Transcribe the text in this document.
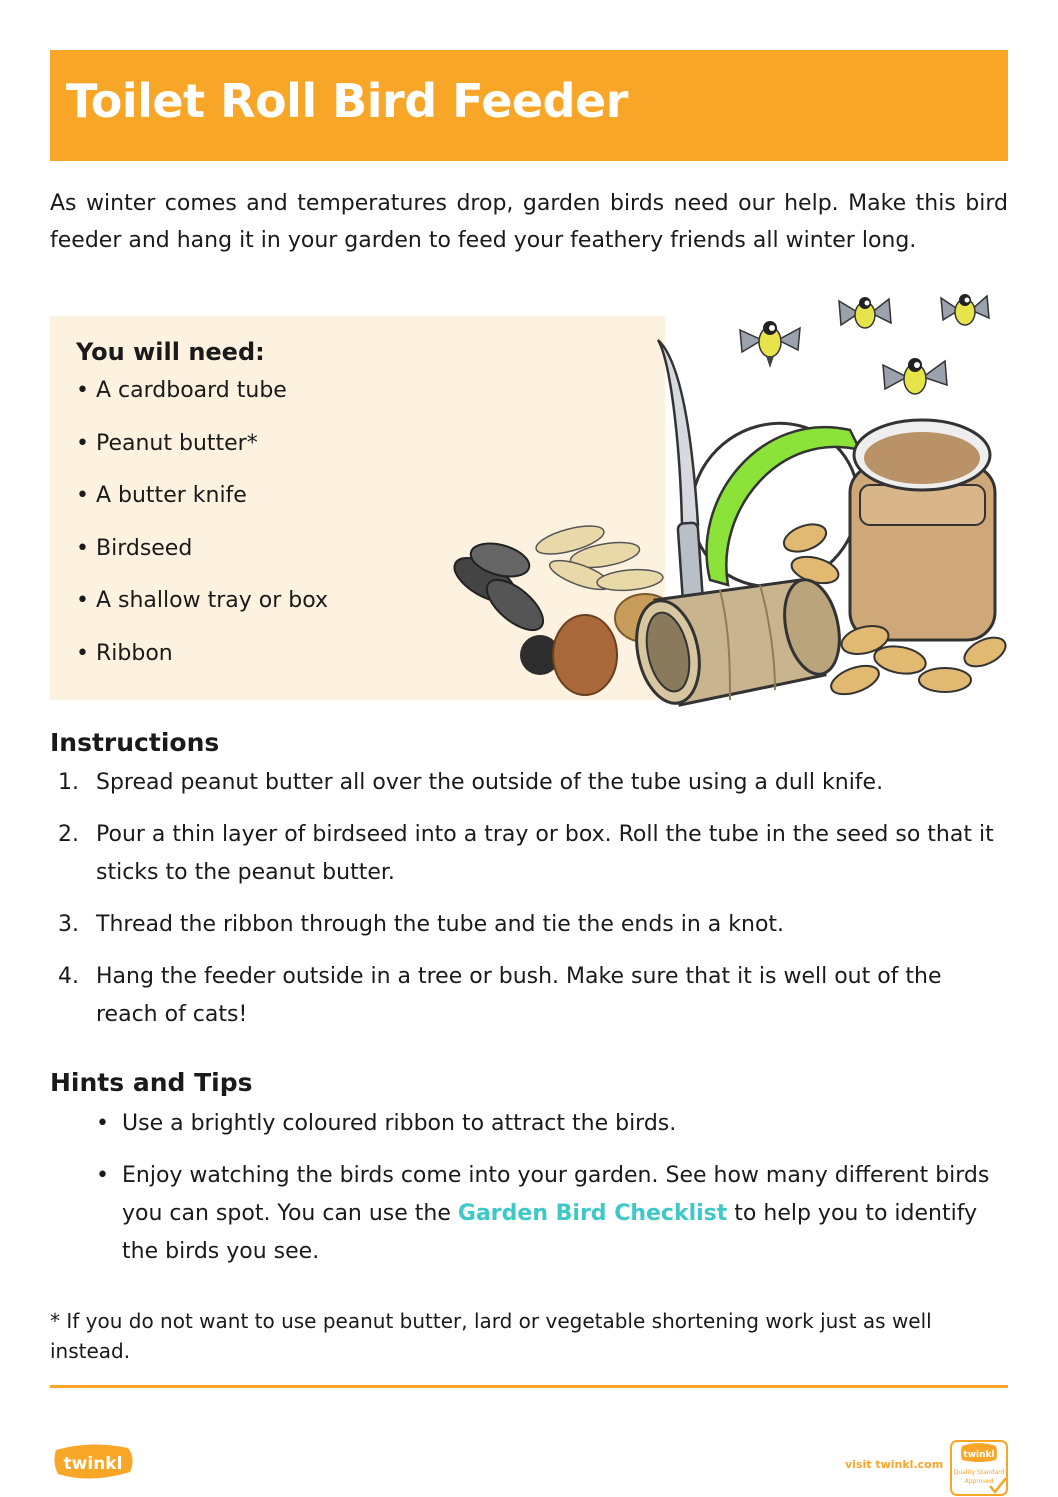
Toilet Roll Bird Feeder

As winter comes and temperatures drop, garden birds need our help. Make this bird feeder and hang it in your garden to feed your feathery friends all winter long.

You will need:
• A cardboard tube
• Peanut butter*
• A butter knife
• Birdseed
• A shallow tray or box
• Ribbon
Instructions
1. Spread peanut butter all over the outside of the tube using a dull knife.
2. Pour a thin layer of birdseed into a tray or box. Roll the tube in the seed so that it sticks to the peanut butter.
3. Thread the ribbon through the tube and tie the ends in a knot.
4. Hang the feeder outside in a tree or bush. Make sure that it is well out of the reach of cats!
Hints and Tips
• Use a brightly coloured ribbon to attract the birds.
• Enjoy watching the birds come into your garden. See how many different birds you can spot. You can use the Garden Bird Checklist to help you to identify the birds you see.

* If you do not want to use peanut butter, lard or vegetable shortening work just as well instead.

twinkl	visit twinkl.com
twinkl
Quality Standard
Approved
